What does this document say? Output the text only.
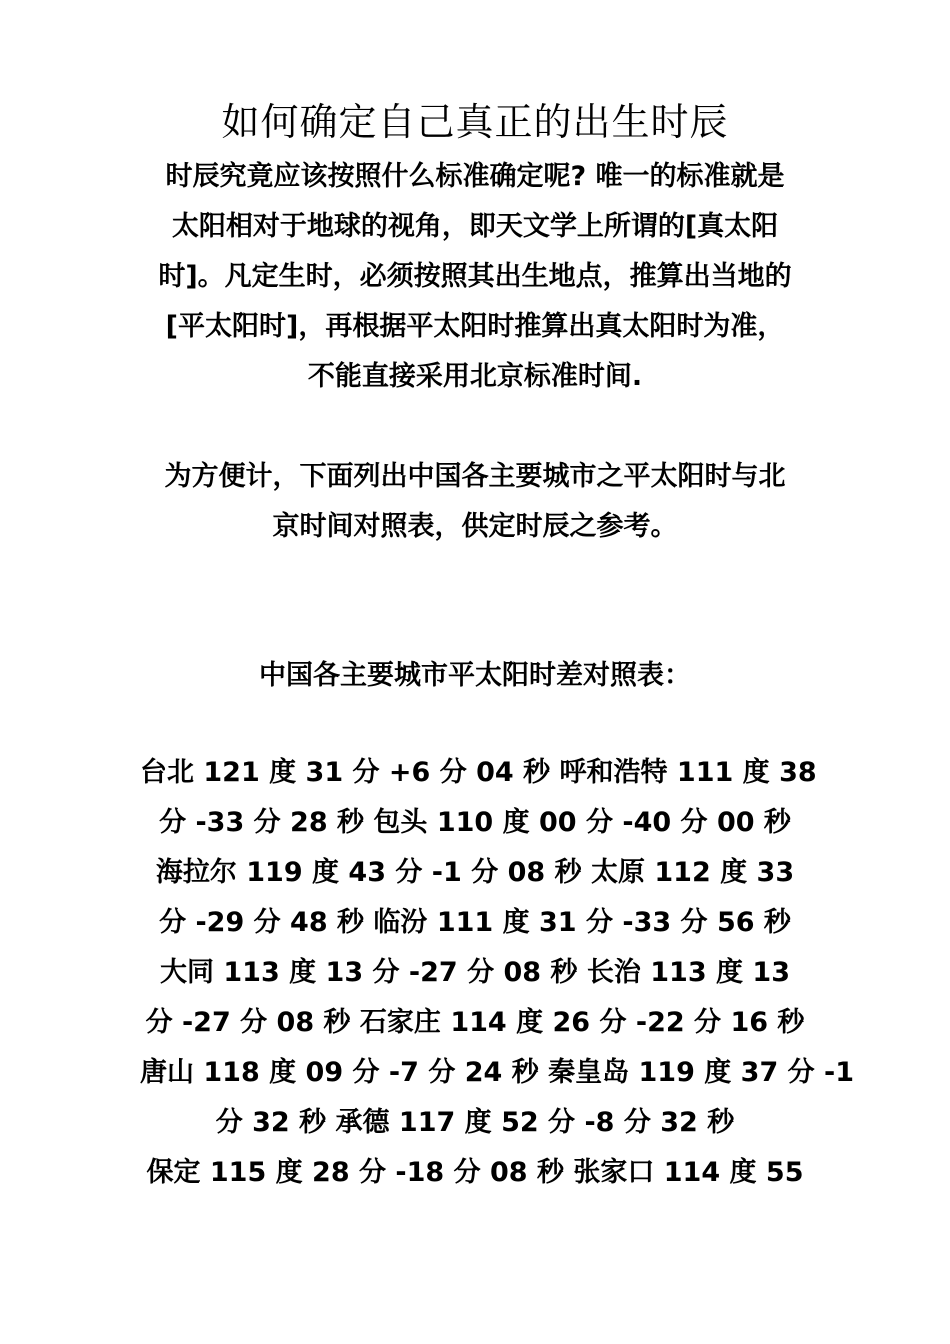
如何确定自己真正的出生时辰
时辰究竟应该按照什么标准确定呢? 唯一的标准就是
太阳相对于地球的视角，即天文学上所谓的[真太阳
时]。凡定生时，必须按照其出生地点，推算出当地的
[平太阳时]，再根据平太阳时推算出真太阳时为准，
不能直接采用北京标准时间.
为方便计，下面列出中国各主要城市之平太阳时与北
京时间对照表，供定时辰之参考。
中国各主要城市平太阳时差对照表：
台北 121 度 31 分 +6 分 04 秒 呼和浩特 111 度 38
分 -33 分 28 秒 包头 110 度 00 分 -40 分 00 秒
海拉尔 119 度 43 分 -1 分 08 秒 太原 112 度 33
分 -29 分 48 秒 临汾 111 度 31 分 -33 分 56 秒
大同 113 度 13 分 -27 分 08 秒 长治 113 度 13
分 -27 分 08 秒 石家庄 114 度 26 分 -22 分 16 秒
唐山 118 度 09 分 -7 分 24 秒 秦皇岛 119 度 37 分 -1
分 32 秒 承德 117 度 52 分 -8 分 32 秒
保定 115 度 28 分 -18 分 08 秒 张家口 114 度 55
